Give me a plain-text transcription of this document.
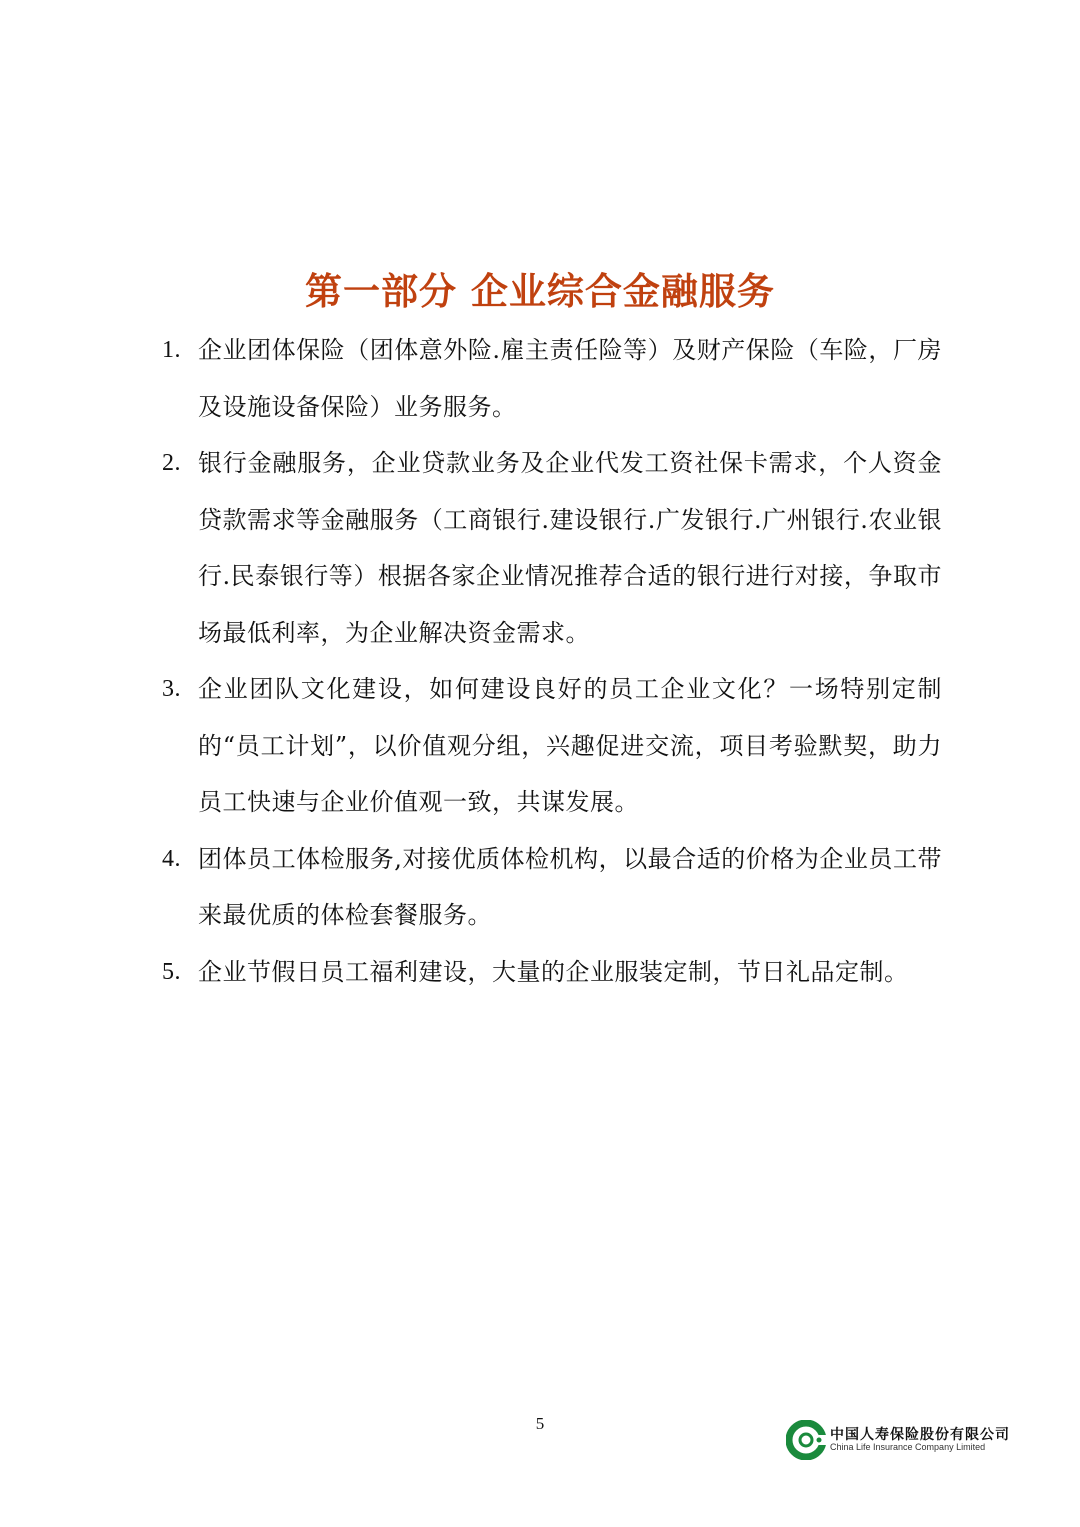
第一部分 企业综合金融服务
1. 企业团体保险（团体意外险.雇主责任险等）及财产保险（车险，厂房及设施设备保险）业务服务。
2. 银行金融服务，企业贷款业务及企业代发工资社保卡需求，个人资金贷款需求等金融服务（工商银行.建设银行.广发银行.广州银行.农业银行.民泰银行等）根据各家企业情况推荐合适的银行进行对接，争取市场最低利率，为企业解决资金需求。
3. 企业团队文化建设，如何建设良好的员工企业文化？一场特别定制的“员工计划”，以价值观分组，兴趣促进交流，项目考验默契，助力员工快速与企业价值观一致，共谋发展。
4. 团体员工体检服务,对接优质体检机构，以最合适的价格为企业员工带来最优质的体检套餐服务。
5. 企业节假日员工福利建设，大量的企业服装定制，节日礼品定制。
5
中国人寿保险股份有限公司
China Life Insurance Company Limited
